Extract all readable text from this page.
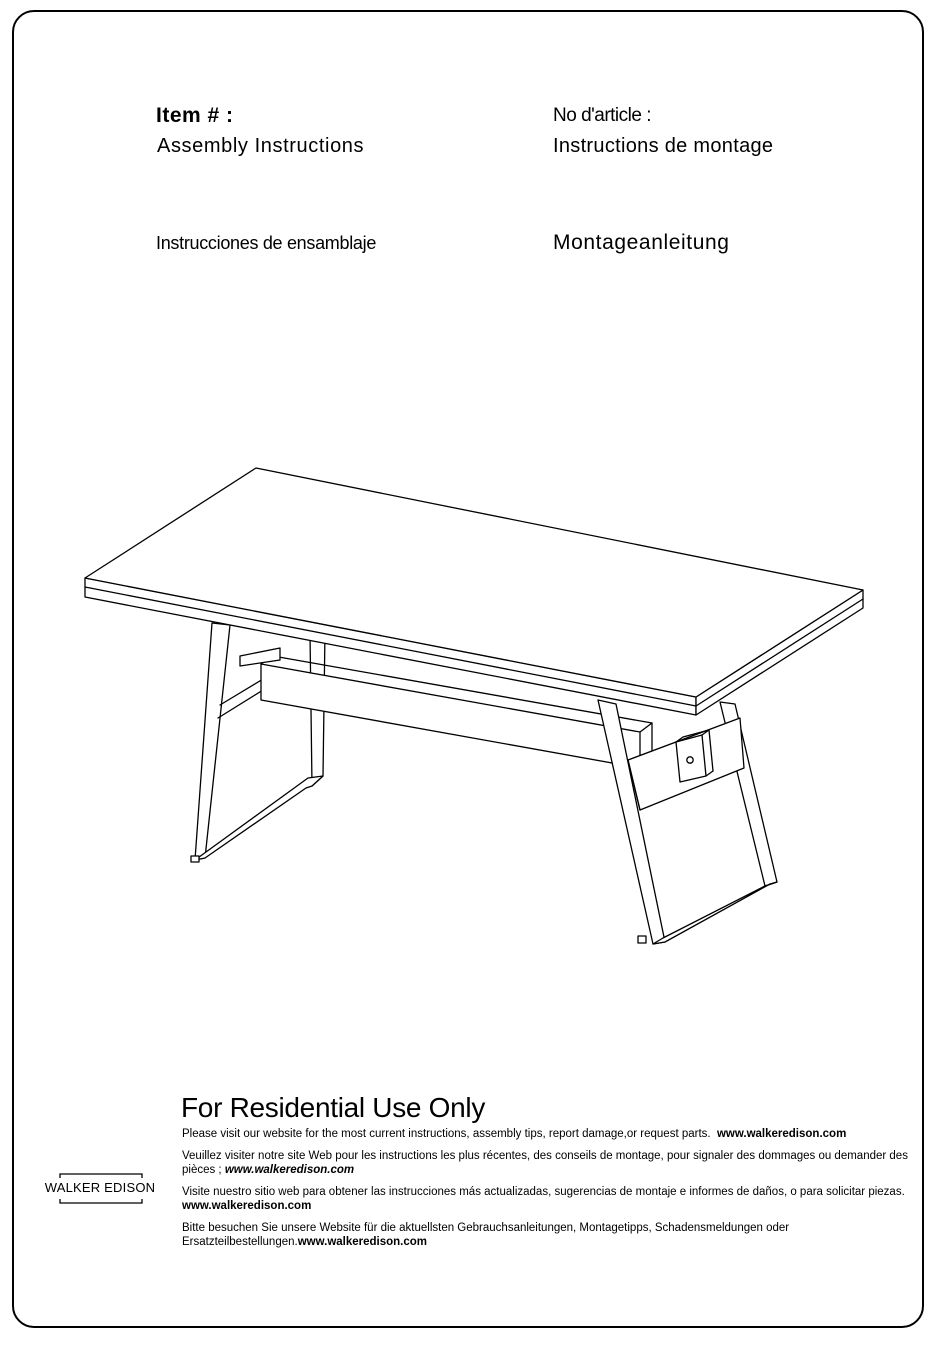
Item # :
Assembly Instructions
No d'article :
Instructions de montage
Instrucciones de ensamblaje	Montageanleitung
For Residential Use Only

Please visit our website for the most current instructions, assembly tips, report damage,or request parts. www.walkeredison.com

Veuillez visiter notre site Web pour les instructions les plus récentes, des conseils de montage, pour signaler des dommages ou demander des pièces ; www.walkeredison.com

Visite nuestro sitio web para obtener las instrucciones más actualizadas, sugerencias de montaje e informes de daños, o para solicitar piezas. www.walkeredison.com

Bitte besuchen Sie unsere Website für die aktuellsten Gebrauchsanleitungen, Montagetipps, Schadensmeldungen oder Ersatzteilbestellungen.www.walkeredison.com

WALKER EDISON
